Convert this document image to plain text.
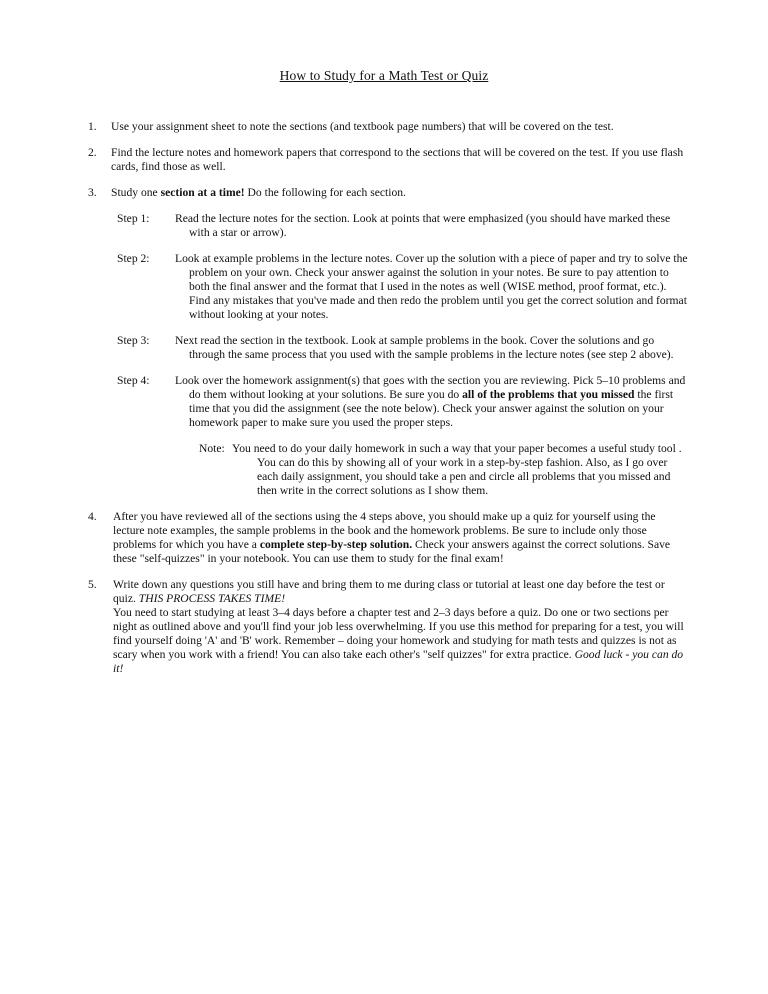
How to Study for a Math Test or Quiz
1.	Use your assignment sheet to note the sections (and textbook page numbers) that will be covered on the test.
2.	Find the lecture notes and homework papers that correspond to the sections that will be covered on the test. If you use flash cards, find those as well.
3.	Study one section at a time! Do the following for each section.
Step 1:	Read the lecture notes for the section. Look at points that were emphasized (you should have marked these with a star or arrow).
Step 2:	Look at example problems in the lecture notes. Cover up the solution with a piece of paper and try to solve the problem on your own. Check your answer against the solution in your notes. Be sure to pay attention to both the final answer and the format that I used in the notes as well (WISE method, proof format, etc.). Find any mistakes that you've made and then redo the problem until you get the correct solution and format without looking at your notes.
Step 3:	Next read the section in the textbook. Look at sample problems in the book. Cover the solutions and go through the same process that you used with the sample problems in the lecture notes (see step 2 above).
Step 4:	Look over the homework assignment(s) that goes with the section you are reviewing. Pick 5–10 problems and do them without looking at your solutions. Be sure you do all of the problems that you missed the first time that you did the assignment (see the note below). Check your answer against the solution on your homework paper to make sure you used the proper steps.
Note: You need to do your daily homework in such a way that your paper becomes a useful study tool . You can do this by showing all of your work in a step-by-step fashion. Also, as I go over each daily assignment, you should take a pen and circle all problems that you missed and then write in the correct solutions as I show them.
4.	After you have reviewed all of the sections using the 4 steps above, you should make up a quiz for yourself using the lecture note examples, the sample problems in the book and the homework problems. Be sure to include only those problems for which you have a complete step-by-step solution. Check your answers against the correct solutions. Save these "self-quizzes" in your notebook. You can use them to study for the final exam!
5.	Write down any questions you still have and bring them to me during class or tutorial at least one day before the test or quiz. THIS PROCESS TAKES TIME!
You need to start studying at least 3–4 days before a chapter test and 2–3 days before a quiz. Do one or two sections per night as outlined above and you'll find your job less overwhelming. If you use this method for preparing for a test, you will find yourself doing 'A' and 'B' work. Remember – doing your homework and studying for math tests and quizzes is not as scary when you work with a friend! You can also take each other's "self quizzes" for extra practice. Good luck - you can do it!
